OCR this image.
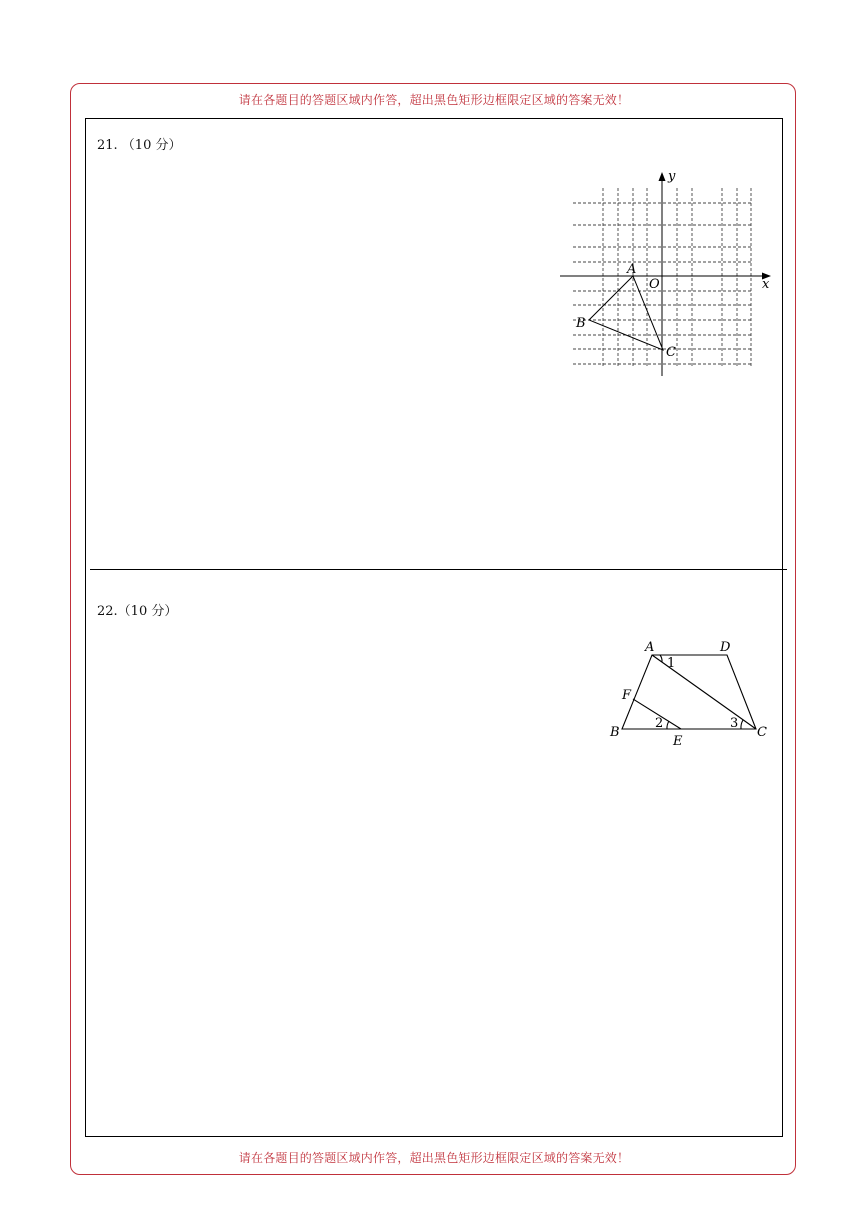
请在各题目的答题区域内作答，超出黑色矩形边框限定区域的答案无效！
21. （10 分）
y
x
O
A
B
C
22.（10 分）
A	D
F
B
E
C
1
2	3
请在各题目的答题区域内作答，超出黑色矩形边框限定区域的答案无效！
